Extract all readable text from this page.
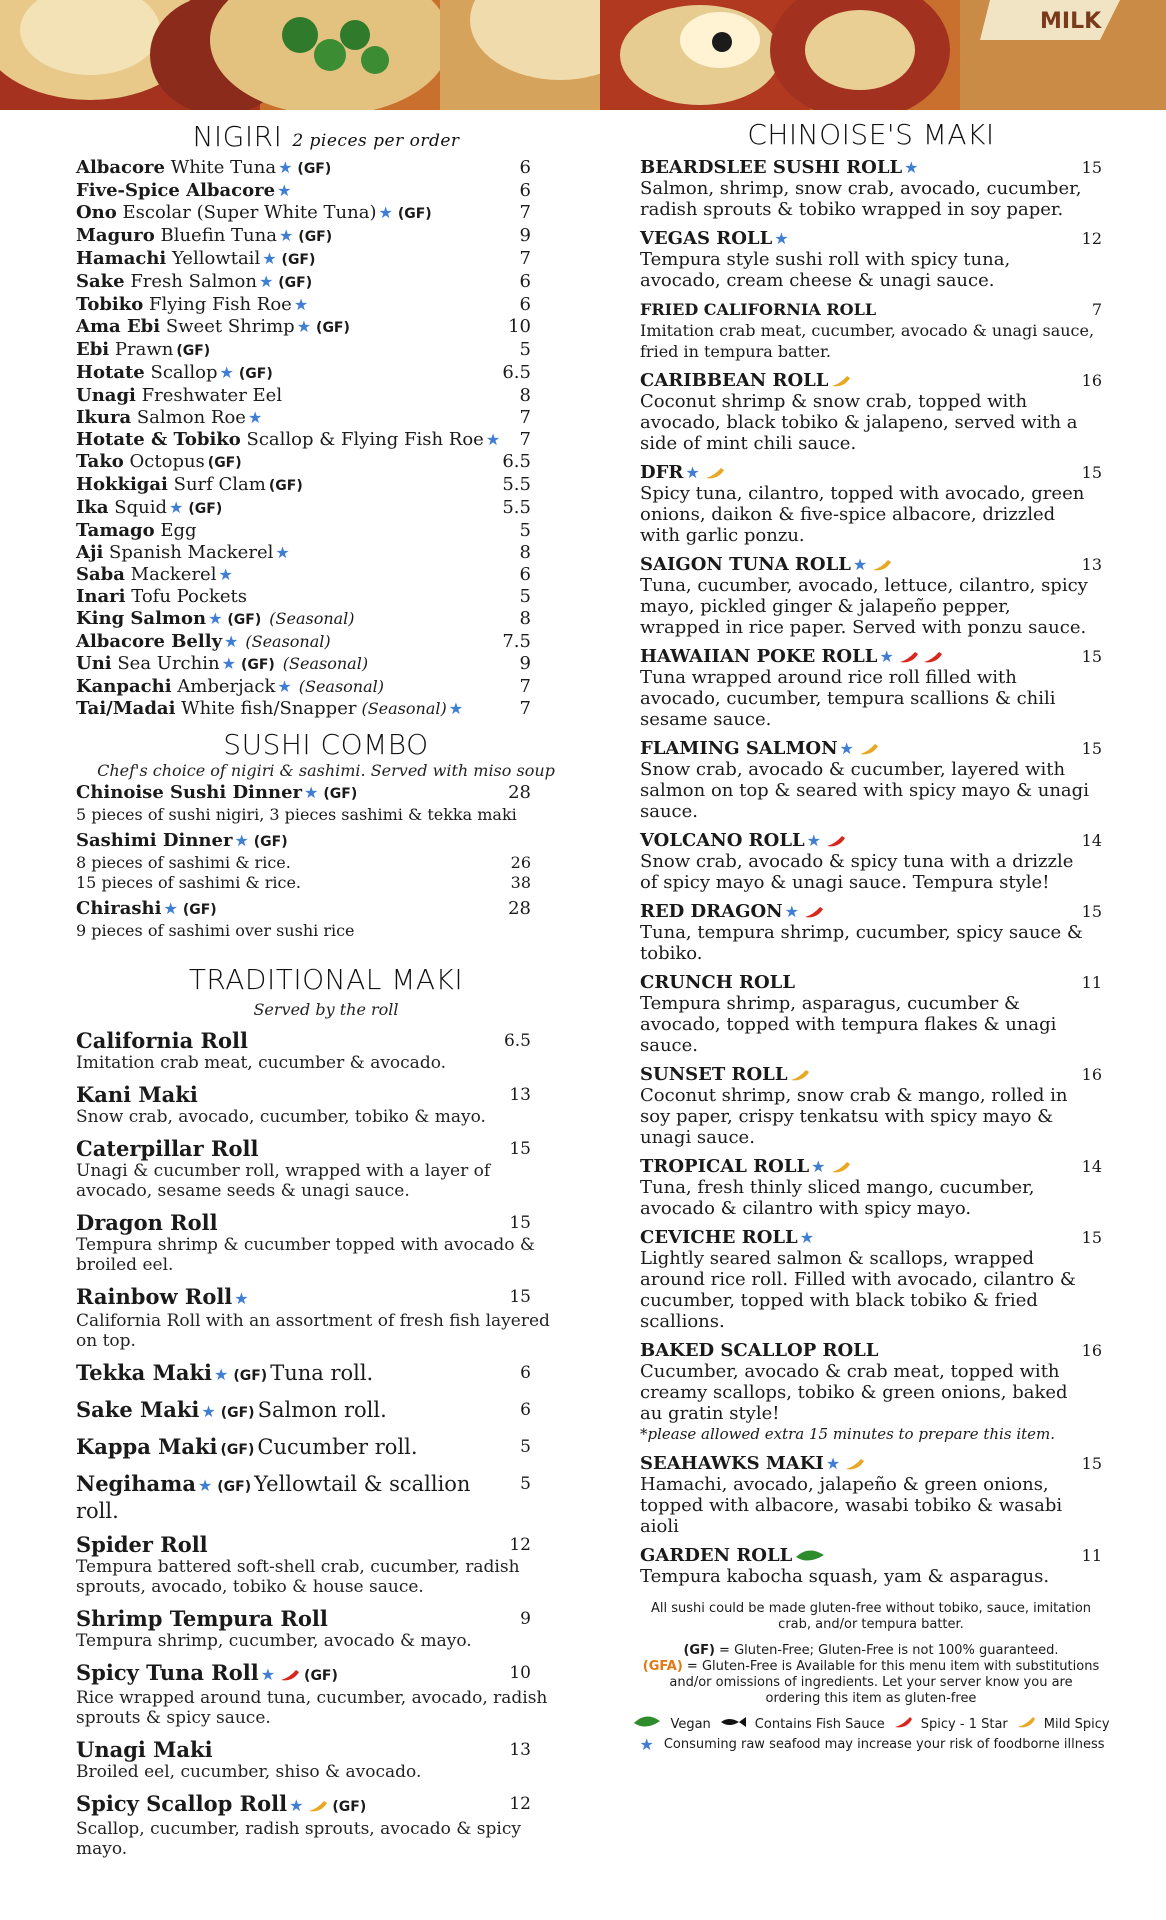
MILK
NIGIRI 2 pieces per order
Albacore White Tuna ★ (GF)	6
Five-Spice Albacore ★	6
Ono Escolar (Super White Tuna) ★ (GF)	7
Maguro Bluefin Tuna ★ (GF)	9
Hamachi Yellowtail ★ (GF)	7
Sake Fresh Salmon ★ (GF)	6
Tobiko Flying Fish Roe ★	6
Ama Ebi Sweet Shrimp ★ (GF)	10
Ebi Prawn (GF)	5
Hotate Scallop ★ (GF)	6.5
Unagi Freshwater Eel	8
Ikura Salmon Roe ★	7
Hotate & Tobiko Scallop & Flying Fish Roe ★	7
Tako Octopus (GF)	6.5
Hokkigai Surf Clam (GF)	5.5
Ika Squid ★ (GF)	5.5
Tamago Egg	5
Aji Spanish Mackerel ★	8
Saba Mackerel ★	6
Inari Tofu Pockets	5
King Salmon ★ (GF) (Seasonal)	8
Albacore Belly ★ (Seasonal)	7.5
Uni Sea Urchin ★ (GF) (Seasonal)	9
Kanpachi Amberjack ★ (Seasonal)	7
Tai/Madai White fish/Snapper (Seasonal) ★	7
SUSHI COMBO
Chef's choice of nigiri & sashimi. Served with miso soup
Chinoise Sushi Dinner ★ (GF)	28
5 pieces of sushi nigiri, 3 pieces sashimi & tekka maki
Sashimi Dinner ★ (GF)
8 pieces of sashimi & rice.	26
15 pieces of sashimi & rice.	38
Chirashi ★ (GF)	28
9 pieces of sashimi over sushi rice
TRADITIONAL MAKI
Served by the roll
California Roll	6.5
Imitation crab meat, cucumber & avocado.
Kani Maki	13
Snow crab, avocado, cucumber, tobiko & mayo.
Caterpillar Roll	15
Unagi & cucumber roll, wrapped with a layer of avocado, sesame seeds & unagi sauce.
Dragon Roll	15
Tempura shrimp & cucumber topped with avocado & broiled eel.
Rainbow Roll ★	15
California Roll with an assortment of fresh fish layered on top.
Tekka Maki ★ (GF) Tuna roll.	6
Sake Maki ★ (GF) Salmon roll.	6
Kappa Maki (GF) Cucumber roll.	5
Negihama ★ (GF) Yellowtail & scallion roll.
5
Spider Roll	12
Tempura battered soft-shell crab, cucumber, radish sprouts, avocado, tobiko & house sauce.
Shrimp Tempura Roll	9
Tempura shrimp, cucumber, avocado & mayo.
Spicy Tuna Roll ★ (GF)	10
Rice wrapped around tuna, cucumber, avocado, radish sprouts & spicy sauce.
Unagi Maki	13
Broiled eel, cucumber, shiso & avocado.
Spicy Scallop Roll ★ (GF)	12
Scallop, cucumber, radish sprouts, avocado & spicy mayo.
CHINOISE'S MAKI
BEARDSLEE SUSHI ROLL ★	15
Salmon, shrimp, snow crab, avocado, cucumber, radish sprouts & tobiko wrapped in soy paper.
VEGAS ROLL ★	12
Tempura style sushi roll with spicy tuna, avocado, cream cheese & unagi sauce.
FRIED CALIFORNIA ROLL	7
Imitation crab meat, cucumber, avocado & unagi sauce, fried in tempura batter.
CARIBBEAN ROLL	16
Coconut shrimp & snow crab, topped with avocado, black tobiko & jalapeno, served with a side of mint chili sauce.
DFR ★	15
Spicy tuna, cilantro, topped with avocado, green onions, daikon & five-spice albacore, drizzled with garlic ponzu.
SAIGON TUNA ROLL ★	13
Tuna, cucumber, avocado, lettuce, cilantro, spicy mayo, pickled ginger & jalapeño pepper, wrapped in rice paper. Served with ponzu sauce.
HAWAIIAN POKE ROLL ★	15
Tuna wrapped around rice roll filled with avocado, cucumber, tempura scallions & chili sesame sauce.
FLAMING SALMON ★	15
Snow crab, avocado & cucumber, layered with salmon on top & seared with spicy mayo & unagi sauce.
VOLCANO ROLL ★	14
Snow crab, avocado & spicy tuna with a drizzle of spicy mayo & unagi sauce. Tempura style!
RED DRAGON ★	15
Tuna, tempura shrimp, cucumber, spicy sauce & tobiko.
CRUNCH ROLL	11
Tempura shrimp, asparagus, cucumber & avocado, topped with tempura flakes & unagi sauce.
SUNSET ROLL	16
Coconut shrimp, snow crab & mango, rolled in soy paper, crispy tenkatsu with spicy mayo & unagi sauce.
TROPICAL ROLL ★	14
Tuna, fresh thinly sliced mango, cucumber, avocado & cilantro with spicy mayo.
CEVICHE ROLL ★	15
Lightly seared salmon & scallops, wrapped around rice roll. Filled with avocado, cilantro & cucumber, topped with black tobiko & fried scallions.
BAKED SCALLOP ROLL	16
Cucumber, avocado & crab meat, topped with creamy scallops, tobiko & green onions, baked au gratin style!
*please allowed extra 15 minutes to prepare this item.
SEAHAWKS MAKI ★	15
Hamachi, avocado, jalapeño & green onions, topped with albacore, wasabi tobiko & wasabi aioli
GARDEN ROLL	11
Tempura kabocha squash, yam & asparagus.
All sushi could be made gluten-free without tobiko, sauce, imitation crab, and/or tempura batter.
(GF) = Gluten-Free; Gluten-Free is not 100% guaranteed.
(GFA) = Gluten-Free is Available for this menu item with substitutions and/or omissions of ingredients. Let your server know you are ordering this item as gluten-free
Vegan	Contains Fish Sauce	Spicy - 1 Star	Mild Spicy
★ Consuming raw seafood may increase your risk of foodborne illness
